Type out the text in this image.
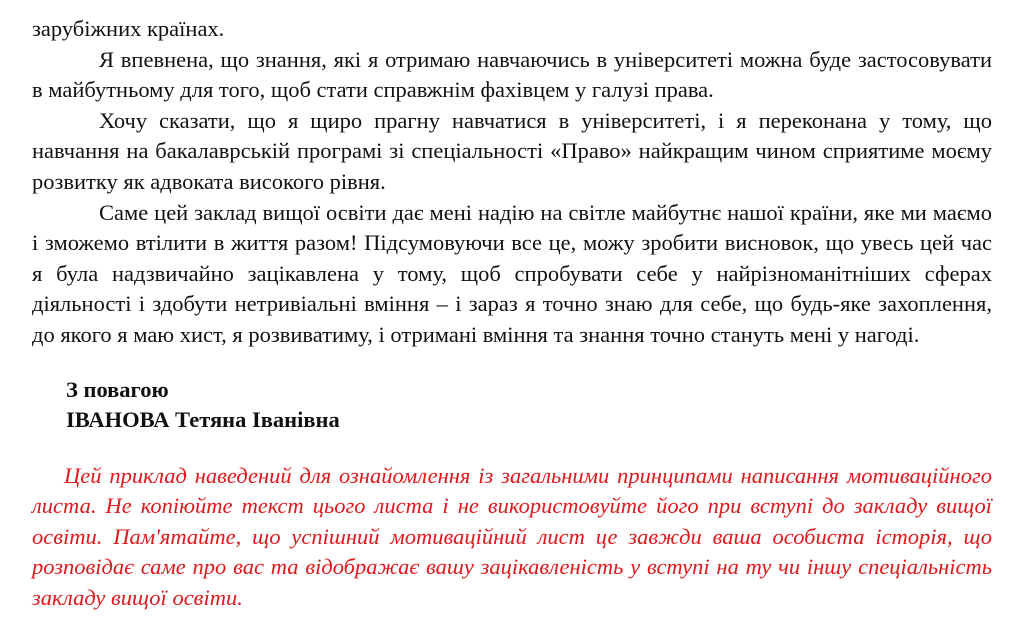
зарубіжних країнах.

Я впевнена, що знання, які я отримаю навчаючись в університеті можна буде застосовувати в майбутньому для того, щоб стати справжнім фахівцем у галузі права.

Хочу сказати, що я щиро прагну навчатися в університеті, і я переконана у тому, що навчання на бакалаврській програмі зі спеціальності «Право» найкращим чином сприятиме моєму розвитку як адвоката високого рівня.

Саме цей заклад вищої освіти дає мені надію на світле майбутнє нашої країни, яке ми маємо і зможемо втілити в життя разом! Підсумовуючи все це, можу зробити висновок, що увесь цей час я була надзвичайно зацікавлена у тому, щоб спробувати себе у найрізноманітніших сферах діяльності і здобути нетривіальні вміння – і зараз я точно знаю для себе, що будь-яке захоплення, до якого я маю хист, я розвиватиму, і отримані вміння та знання точно стануть мені у нагоді.

З повагою
ІВАНОВА Тетяна Іванівна

Цей приклад наведений для ознайомлення із загальними принципами написання мотиваційного листа. Не копіюйте текст цього листа і не використовуйте його при вступі до закладу вищої освіти. Пам'ятайте, що успішний мотиваційний лист це завжди ваша особиста історія, що розповідає саме про вас та відображає вашу зацікавленість у вступі на ту чи іншу спеціальність закладу вищої освіти.
